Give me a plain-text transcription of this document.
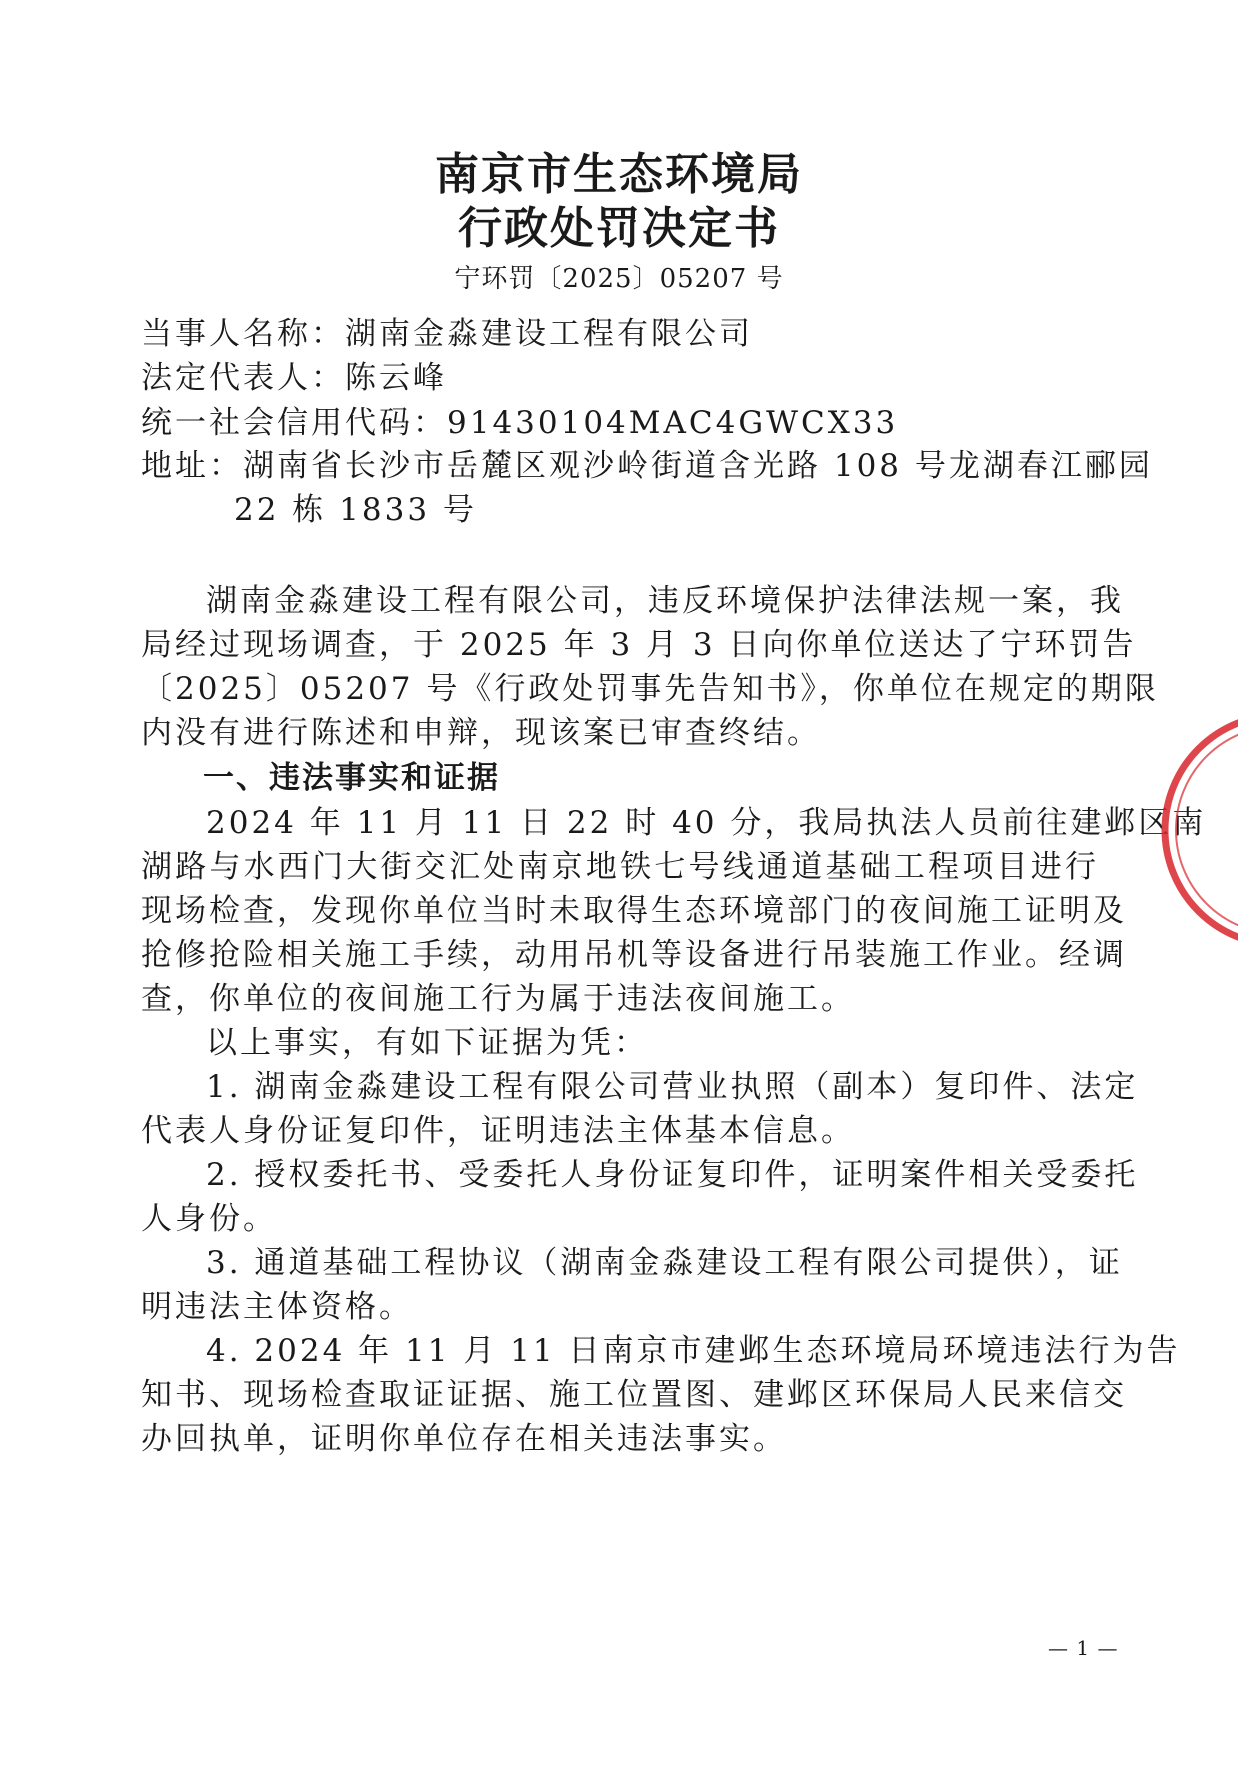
南京市生态环境局
行政处罚决定书
宁环罚〔2025〕05207 号
当事人名称：湖南金淼建设工程有限公司
法定代表人：陈云峰
统一社会信用代码：91430104MAC4GWCX33
地址：湖南省长沙市岳麓区观沙岭街道含光路 108 号龙湖春江郦园
22 栋 1833 号
湖南金淼建设工程有限公司，违反环境保护法律法规一案，我
局经过现场调查，于 2025 年 3 月 3 日向你单位送达了宁环罚告
〔2025〕05207 号《行政处罚事先告知书》，你单位在规定的期限
内没有进行陈述和申辩，现该案已审查终结。
一、违法事实和证据
2024 年 11 月 11 日 22 时 40 分，我局执法人员前往建邺区南
湖路与水西门大街交汇处南京地铁七号线通道基础工程项目进行
现场检查，发现你单位当时未取得生态环境部门的夜间施工证明及
抢修抢险相关施工手续，动用吊机等设备进行吊装施工作业。经调
查，你单位的夜间施工行为属于违法夜间施工。
以上事实，有如下证据为凭：
1. 湖南金淼建设工程有限公司营业执照（副本）复印件、法定
代表人身份证复印件，证明违法主体基本信息。
2. 授权委托书、受委托人身份证复印件，证明案件相关受委托
人身份。
3. 通道基础工程协议（湖南金淼建设工程有限公司提供），证
明违法主体资格。
4. 2024 年 11 月 11 日南京市建邺生态环境局环境违法行为告
知书、现场检查取证证据、施工位置图、建邺区环保局人民来信交
办回执单，证明你单位存在相关违法事实。
— 1 —
